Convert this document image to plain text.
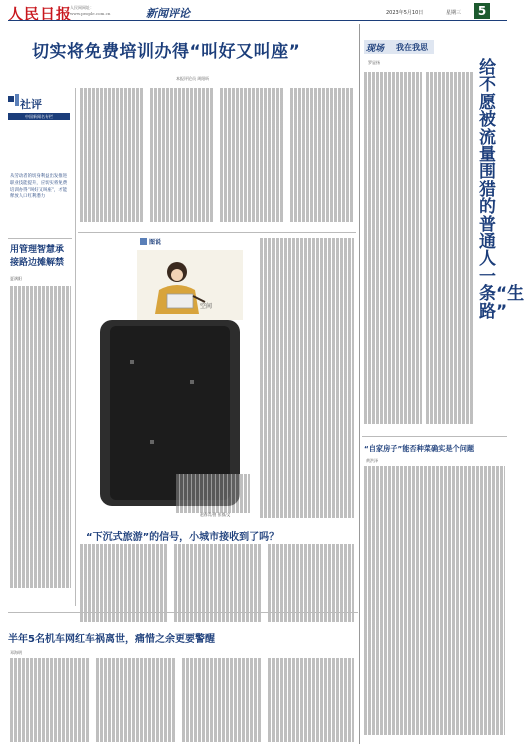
人民日报
人民网网址：
www.people.com.cn	新闻评论	2023年5月10日	星期三	5
切实将免费培训办得“叫好又叫座”
本报评论员 周阳昕
社评
中国新闻名专栏
从劳动者的切身利益出发推进职业技能提升，应切实将免费培训办得“叫好又叫座”，才能释放人口红利潜力
用管理智慧承接路边摊解禁
夏满阳
图说
空间
赵春青/图 张群/文
“下沉式旅游”的信号，小城市接收到了吗？
半年5名机车网红车祸离世，痛惜之余更要警醒
邓海明
现场 我在我思
罗显扬	给不愿被流量围猎的普通人一条“生路”
“自家房子”能否种菜确实是个问题
黄洪泽
